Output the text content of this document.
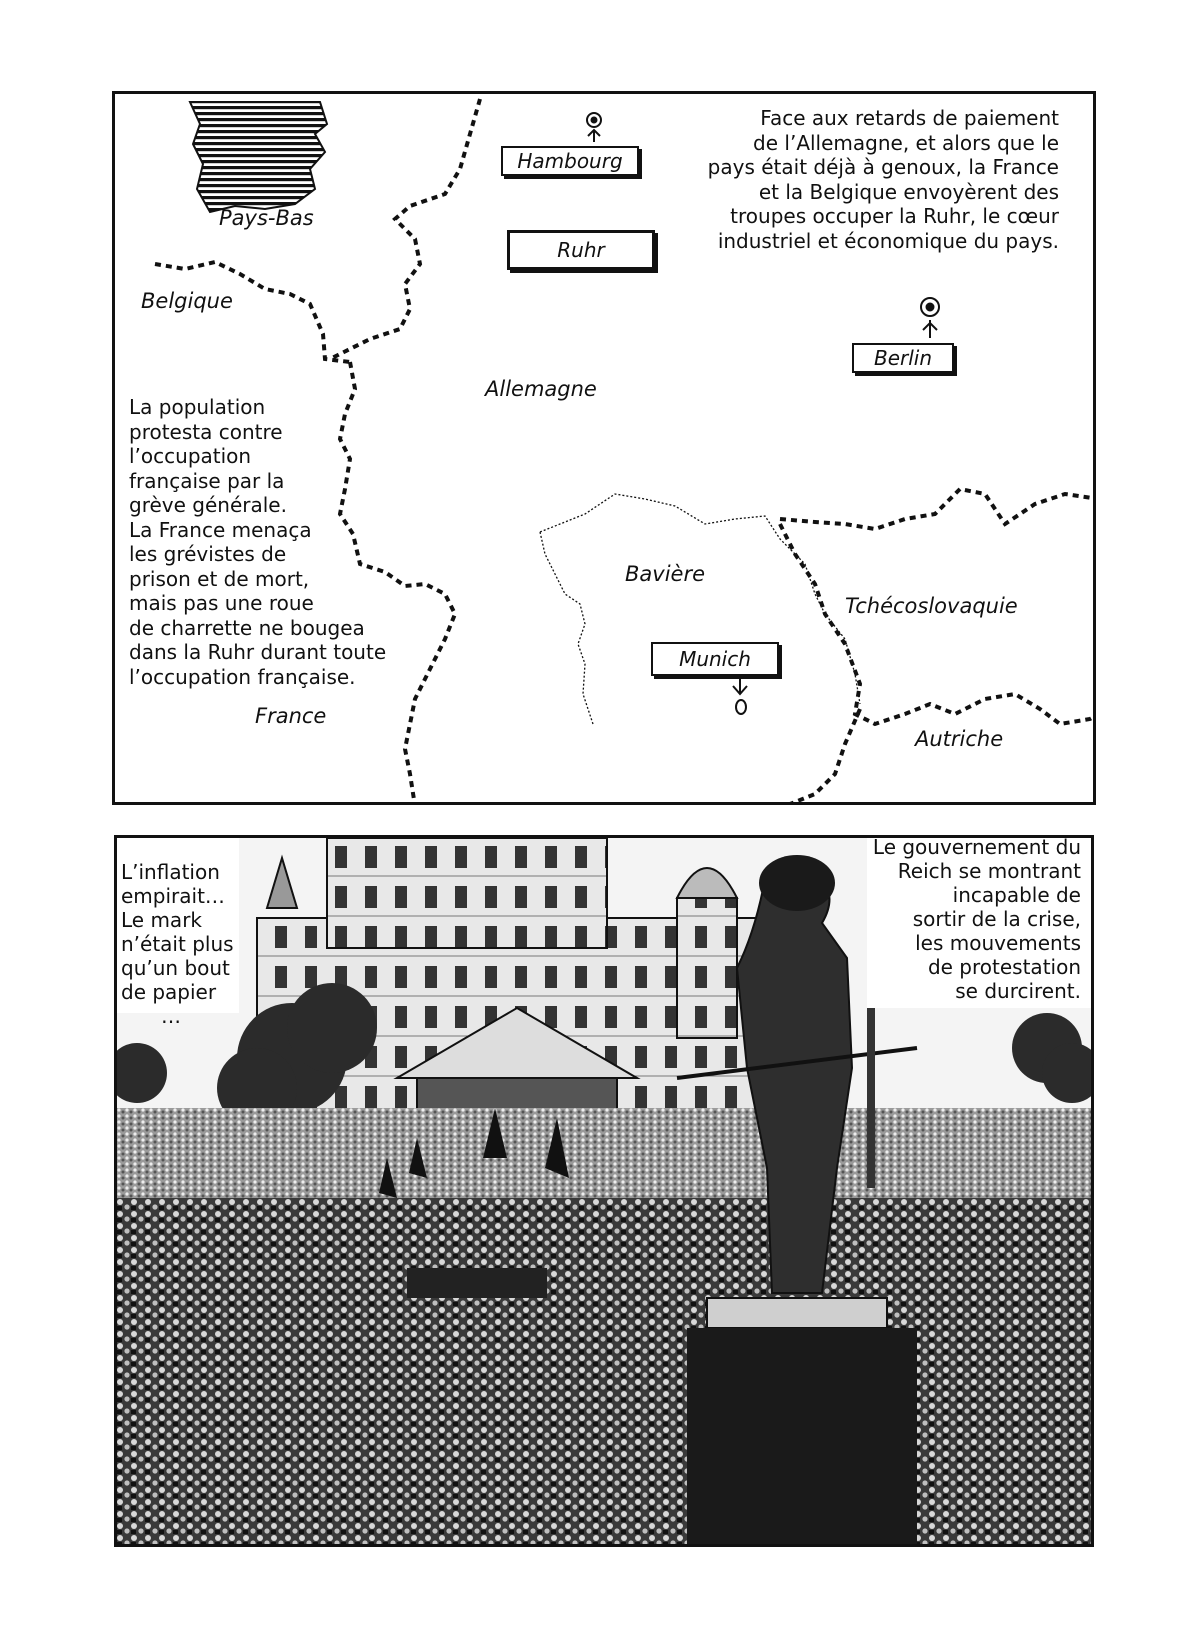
Pays-Bas
Belgique
Allemagne
Bavière
Tchécoslovaquie
Autriche
France
Hambourg
Ruhr
Berlin
Munich

Face aux retards de paiement

de l’Allemagne, et alors que le

pays était déjà à genoux, la France

et la Belgique envoyèrent des

troupes occuper la Ruhr, le cœur

industriel et économique du pays.

La population

protesta contre

l’occupation

française par la

grève générale.

La France menaça

les grévistes de

prison et de mort,

mais pas une roue

de charrette ne bougea

dans la Ruhr durant toute

l’occupation française.

L’inflation

empirait…

Le mark

n’était plus

qu’un bout

de papier

…

Le gouvernement du

Reich se montrant

incapable de

sortir de la crise,

les mouvements

de protestation

se durcirent.
